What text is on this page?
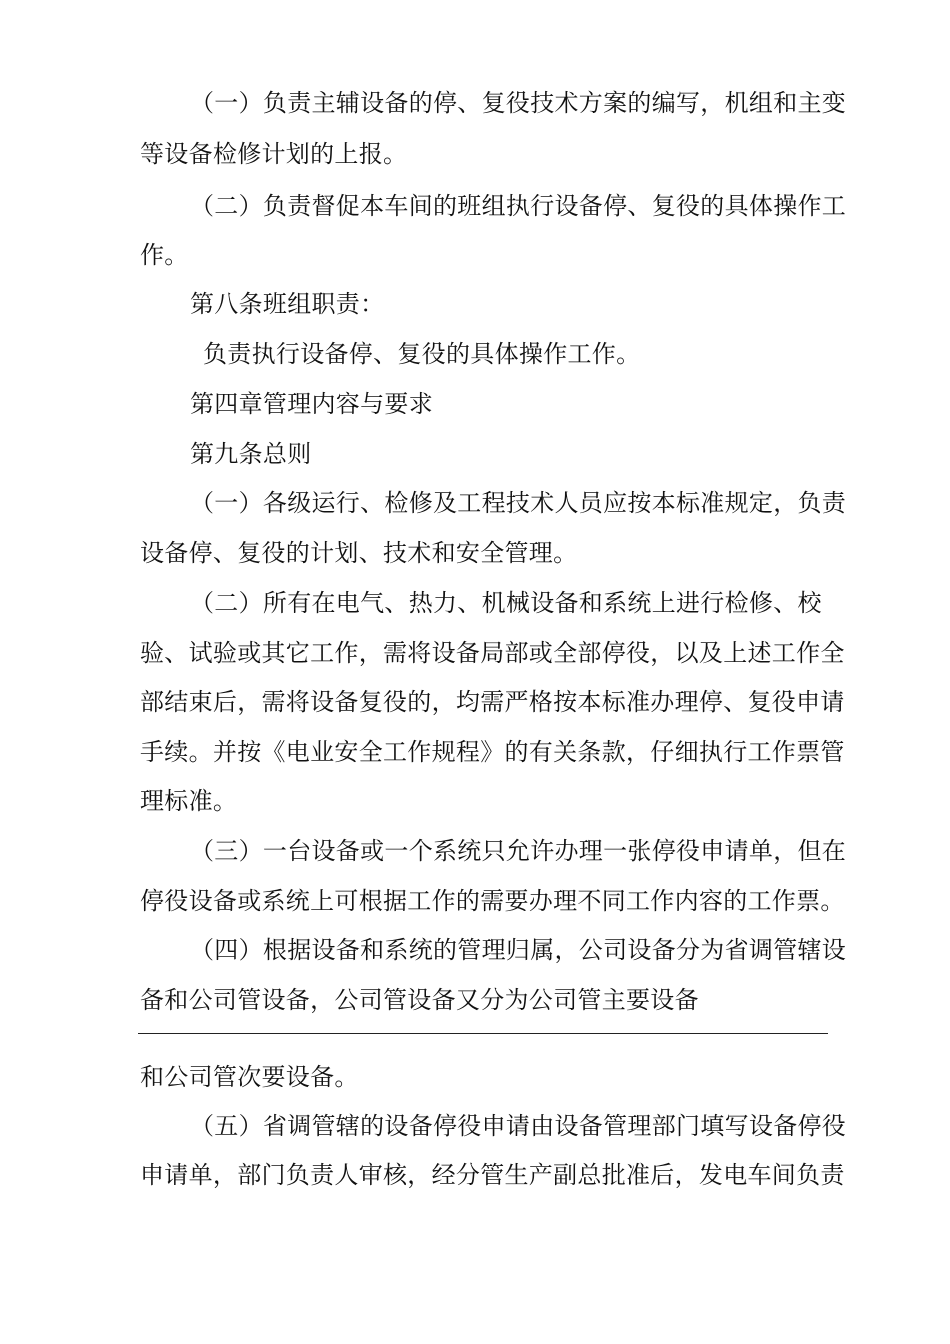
（一）负责主辅设备的停、复役技术方案的编写，机组和主变

等设备检修计划的上报。

（二）负责督促本车间的班组执行设备停、复役的具体操作工

作。

第八条班组职责：

负责执行设备停、复役的具体操作工作。

第四章管理内容与要求

第九条总则

（一）各级运行、检修及工程技术人员应按本标准规定，负责

设备停、复役的计划、技术和安全管理。

（二）所有在电气、热力、机械设备和系统上进行检修、校

验、试验或其它工作，需将设备局部或全部停役，以及上述工作全

部结束后，需将设备复役的，均需严格按本标准办理停、复役申请

手续。并按《电业安全工作规程》的有关条款，仔细执行工作票管

理标准。

（三）一台设备或一个系统只允许办理一张停役申请单，但在

停役设备或系统上可根据工作的需要办理不同工作内容的工作票。

（四）根据设备和系统的管理归属，公司设备分为省调管辖设

备和公司管设备，公司管设备又分为公司管主要设备

和公司管次要设备。

（五）省调管辖的设备停役申请由设备管理部门填写设备停役

申请单，部门负责人审核，经分管生产副总批准后，发电车间负责
